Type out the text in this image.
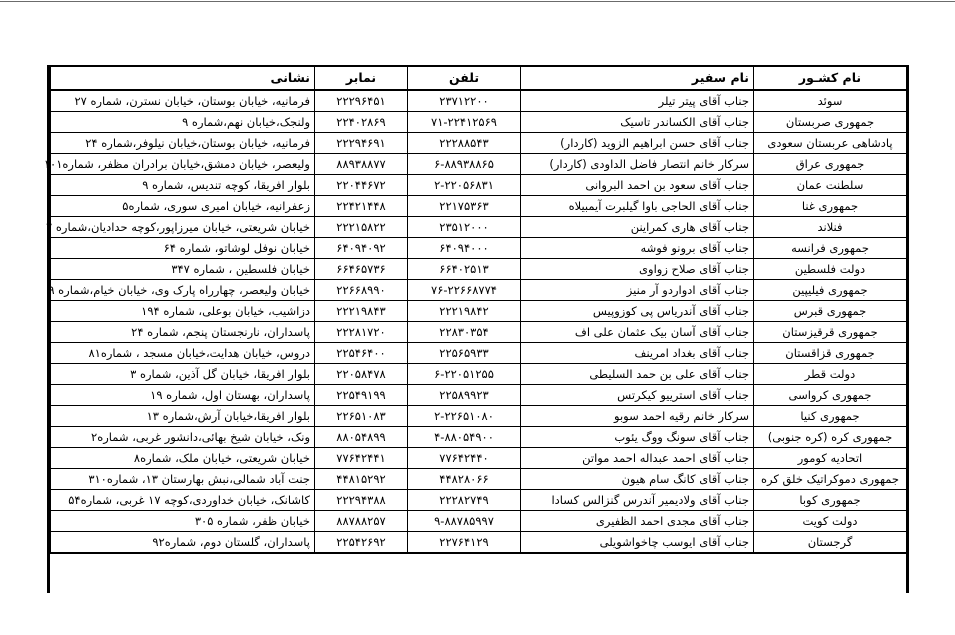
نام کشـور	نام سفیر	تلفن	نمابر	نشانی
سوئد	جناب آقای پیتر تیلر	۲۳۷۱۲۲۰۰	۲۲۲۹۶۴۵۱	فرمانیه، خیابان بوستان، خیابان نسترن، شماره ۲۷
جمهوری صربستان	جناب آقای الکساندر تاسیک	۷۱-۲۲۴۱۲۵۶۹	۲۲۴۰۲۸۶۹	ولنجک،خیابان نهم،شماره ۹
پادشاهی عربستان سعودی	جناب آقای حسن ابراهیم الزوید (کاردار)	۲۲۲۸۸۵۴۳	۲۲۲۹۴۶۹۱	فرمانیه، خیابان بوستان،خیابان نیلوفر،شماره ۲۴
جمهوری عراق	سرکار خانم انتصار فاضل الداودی (کاردار)	۶-۸۸۹۳۸۸۶۵	۸۸۹۳۸۸۷۷	ولیعصر، خیابان دمشق،خیابان برادران مظفر، شماره۱۰۱
سلطنت عمان	جناب آقای سعود بن احمد البروانی	۲-۲۲۰۵۶۸۳۱	۲۲۰۴۴۶۷۲	بلوار افریقا، کوچه تندیس، شماره ۹
جمهوری غنا	جناب آقای الحاجی باوا گیلبرت آیمبیلاه	۲۲۱۷۵۳۶۳	۲۲۴۲۱۴۴۸	زعفرانیه، خیابان امیری سوری، شماره۵
فنلاند	جناب آقای هاری کمراینن	۲۳۵۱۲۰۰۰	۲۲۲۱۵۸۲۲	خیابان شریعتی، خیابان میرزاپور،کوچه حدادیان،شماره ۲
جمهوری فرانسه	جناب آقای برونو فوشه	۶۴۰۹۴۰۰۰	۶۴۰۹۴۰۹۲	خیابان نوفل لوشاتو، شماره ۶۴
دولت فلسطین	جناب آقای صلاح زواوی	۶۶۴۰۲۵۱۳	۶۶۴۶۵۷۳۶	خیابان فلسطین ، شماره ۳۴۷
جمهوری فیلیپین	جناب آقای ادواردو آر منیز	۷۶-۲۲۶۶۸۷۷۴	۲۲۶۶۸۹۹۰	خیابان ولیعصر، چهارراه پارک وی، خیابان خیام،شماره ۹
جمهوری قبرس	جناب آقای آندریاس پی کوزوپیس	۲۲۲۱۹۸۴۲	۲۲۲۱۹۸۴۳	دزاشیب، خیابان بوعلی، شماره ۱۹۴
جمهوری قرقیزستان	جناب آقای آسان بیک عثمان علی اف	۲۲۸۳۰۳۵۴	۲۲۲۸۱۷۲۰	پاسداران، نارنجستان پنجم، شماره ۲۴
جمهوری قزاقستان	جناب آقای بغداد امرینف	۲۲۵۶۵۹۳۳	۲۲۵۴۶۴۰۰	دروس، خیابان هدایت،خیابان مسجد ، شماره۸۱
دولت قطر	جناب آقای علی بن حمد السلیطی	۶-۲۲۰۵۱۲۵۵	۲۲۰۵۸۴۷۸	بلوار افریقا، خیابان گل آذین، شماره ۳
جمهوری کرواسی	جناب آقای استرییو کیکرتس	۲۲۵۸۹۹۲۳	۲۲۵۴۹۱۹۹	پاسداران، بهستان اول، شماره ۱۹
جمهوری کنیا	سرکار خانم رقیه احمد سوبو	۲-۲۲۶۵۱۰۸۰	۲۲۶۵۱۰۸۳	بلوار افریقا،خیابان آرش،شماره ۱۳
جمهوری کره (کره جنوبی)	جناب آقای سونگ ووگ یئوب	۴-۸۸۰۵۴۹۰۰	۸۸۰۵۴۸۹۹	ونک، خیابان شیخ بهائی،دانشور غربی، شماره۲
اتحادیه کومور	جناب آقای احمد عبداله احمد مواتن	۷۷۶۴۲۴۴۰	۷۷۶۴۲۴۴۱	خیابان شریعتی، خیابان ملک، شماره۸
جمهوری دموکراتیک خلق کره	جناب آقای کانگ سام هیون	۴۴۸۲۸۰۶۶	۴۴۸۱۵۲۹۲	جنت آباد شمالی،نبش بهارستان ۱۳، شماره۳۱۰
جمهوری کوبا	جناب آقای ولادیمیر آندرس گنزالس کسادا	۲۲۲۸۲۷۴۹	۲۲۲۹۴۳۸۸	کاشانک، خیابان خداوردی،کوچه ۱۷ غربی، شماره۵۴
دولت کویت	جناب آقای مجدی احمد الظفیری	۹-۸۸۷۸۵۹۹۷	۸۸۷۸۸۲۵۷	خیابان ظفر، شماره ۳۰۵
گرجستان	جناب آقای ایوسب چاخواشویلی	۲۲۷۶۴۱۲۹	۲۲۵۴۲۶۹۲	پاسداران، گلستان دوم، شماره۹۲
